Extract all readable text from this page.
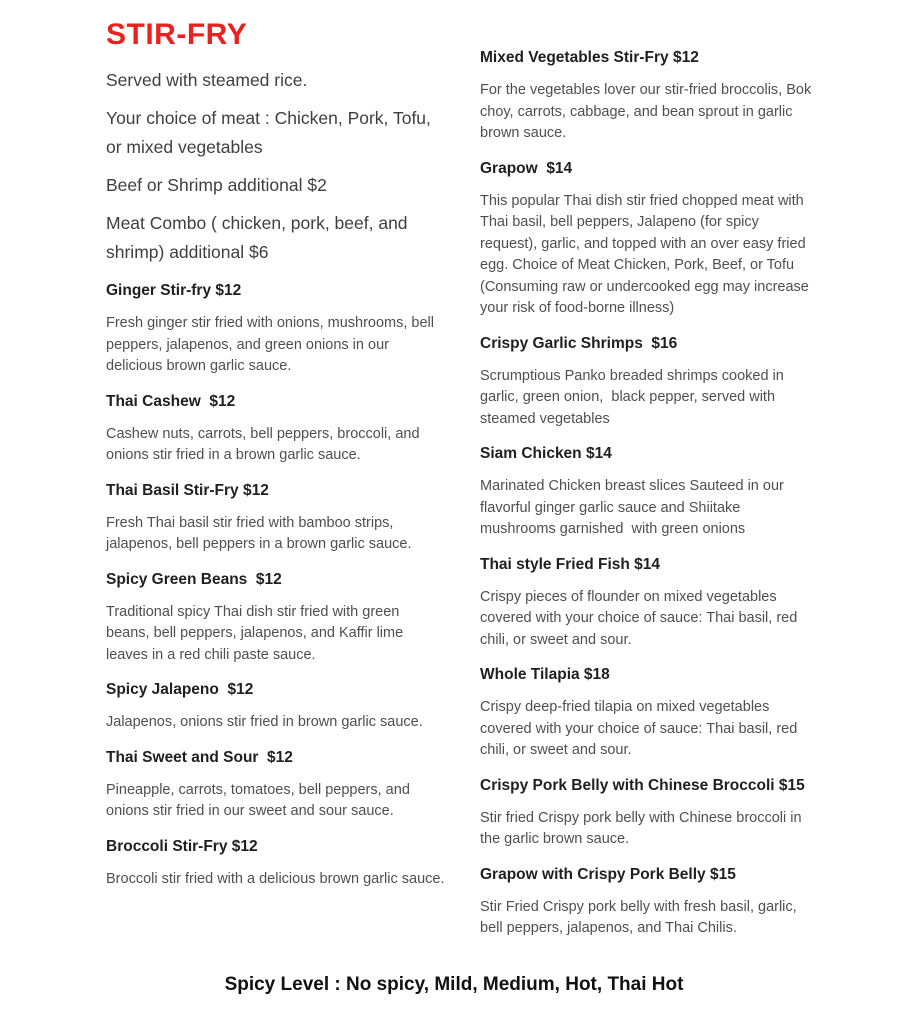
STIR-FRY

Served with steamed rice.

Your choice of meat : Chicken, Pork, Tofu, or mixed vegetables

Beef or Shrimp additional $2

Meat Combo ( chicken, pork, beef, and shrimp) additional $6

Ginger Stir-fry $12

Fresh ginger stir fried with onions, mushrooms, bell peppers, jalapenos, and green onions in our delicious brown garlic sauce.

Thai Cashew  $12

Cashew nuts, carrots, bell peppers, broccoli, and onions stir fried in a brown garlic sauce.

Thai Basil Stir-Fry $12

Fresh Thai basil stir fried with bamboo strips, jalapenos, bell peppers in a brown garlic sauce.

Spicy Green Beans  $12

Traditional spicy Thai dish stir fried with green beans, bell peppers, jalapenos, and Kaffir lime leaves in a red chili paste sauce.

Spicy Jalapeno  $12

Jalapenos, onions stir fried in brown garlic sauce.

Thai Sweet and Sour  $12

Pineapple, carrots, tomatoes, bell peppers, and onions stir fried in our sweet and sour sauce.

Broccoli Stir-Fry $12

Broccoli stir fried with a delicious brown garlic sauce.

Mixed Vegetables Stir-Fry $12

For the vegetables lover our stir-fried broccolis, Bok choy, carrots, cabbage, and bean sprout in garlic brown sauce.

Grapow  $14

This popular Thai dish stir fried chopped meat with Thai basil, bell peppers, Jalapeno (for spicy request), garlic, and topped with an over easy fried egg. Choice of Meat Chicken, Pork, Beef, or Tofu (Consuming raw or undercooked egg may increase your risk of food-borne illness)

Crispy Garlic Shrimps  $16

Scrumptious Panko breaded shrimps cooked in garlic, green onion,  black pepper, served with steamed vegetables

Siam Chicken $14

Marinated Chicken breast slices Sauteed in our flavorful ginger garlic sauce and Shiitake mushrooms garnished  with green onions

Thai style Fried Fish $14

Crispy pieces of flounder on mixed vegetables covered with your choice of sauce: Thai basil, red chili, or sweet and sour.

Whole Tilapia $18

Crispy deep-fried tilapia on mixed vegetables covered with your choice of sauce: Thai basil, red chili, or sweet and sour.

Crispy Pork Belly with Chinese Broccoli $15

Stir fried Crispy pork belly with Chinese broccoli in the garlic brown sauce.

Grapow with Crispy Pork Belly $15

Stir Fried Crispy pork belly with fresh basil, garlic, bell peppers, jalapenos, and Thai Chilis.

Spicy Level : No spicy, Mild, Medium, Hot, Thai Hot
